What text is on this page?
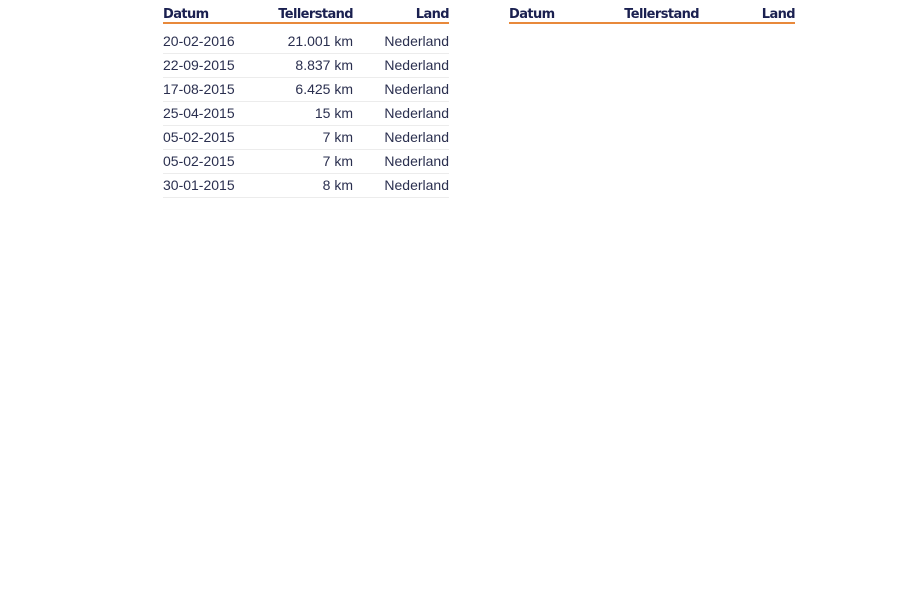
Datum	Tellerstand	Land
20-02-2016	21.001 km	Nederland
22-09-2015	8.837 km	Nederland
17-08-2015	6.425 km	Nederland
25-04-2015	15 km	Nederland
05-02-2015	7 km	Nederland
05-02-2015	7 km	Nederland
30-01-2015	8 km	Nederland
Datum	Tellerstand	Land
